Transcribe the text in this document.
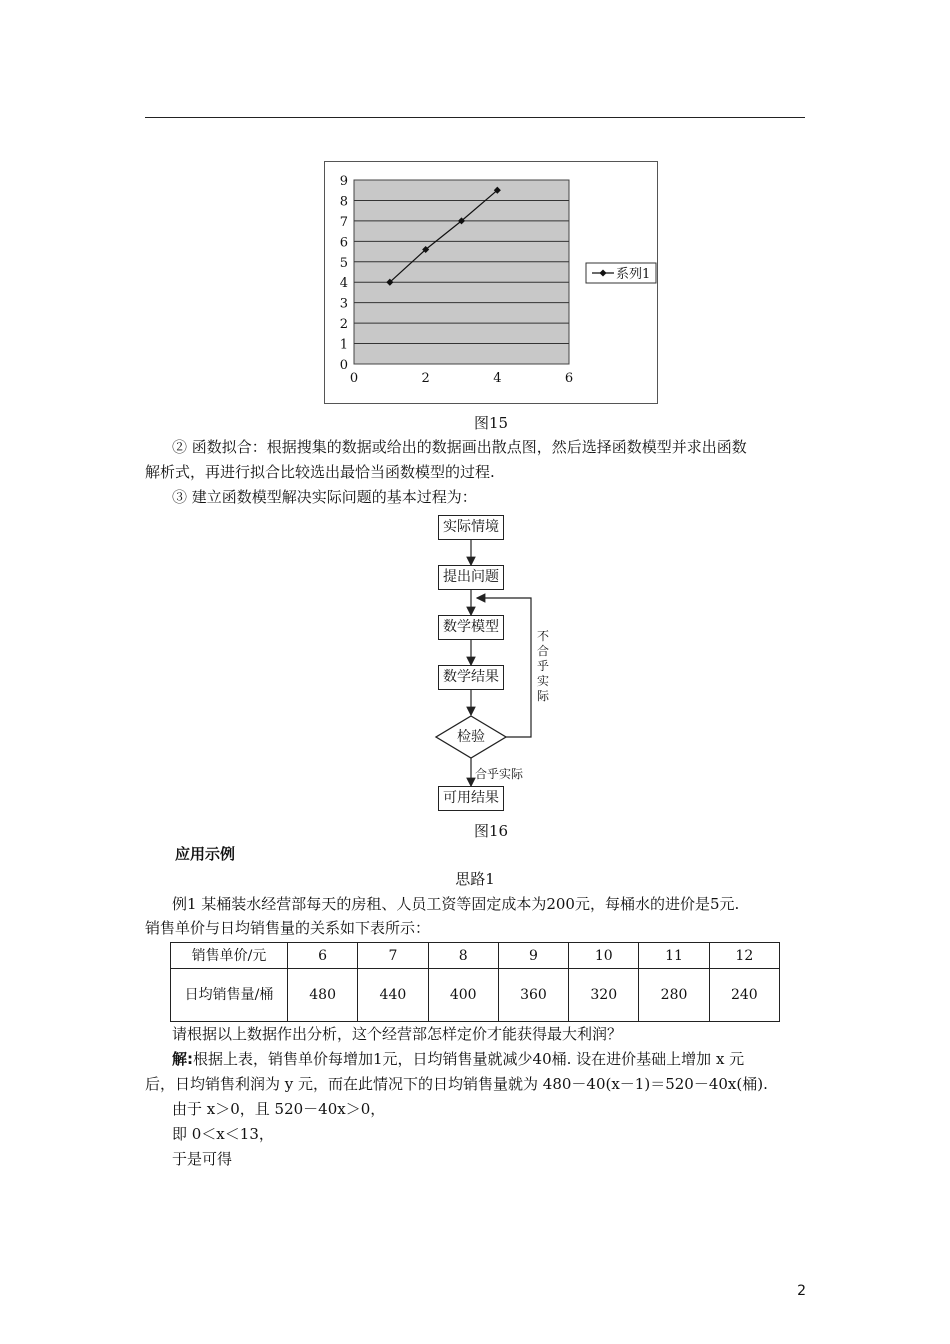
0
1
2
3
4
5
6
7
8
9
0	2	4	6
系列1
图15
② 函数拟合：根据搜集的数据或给出的数据画出散点图，然后选择函数模型并求出函数
解析式，再进行拟合比较选出最恰当函数模型的过程.
③ 建立函数模型解决实际问题的基本过程为：
实际情境
提出问题
数学模型
数学结果
检验
可用结果
不合乎实际
合乎实际
图16
应用示例
思路1
例1 某桶装水经营部每天的房租、人员工资等固定成本为200元，每桶水的进价是5元.
销售单价与日均销售量的关系如下表所示：
销售单价/元	6	7	8	9	10	11	12
日均销售量/桶	480	440	400	360	320	280	240
请根据以上数据作出分析，这个经营部怎样定价才能获得最大利润？
解:根据上表，销售单价每增加1元，日均销售量就减少40桶. 设在进价基础上增加 x 元
后，日均销售利润为 y 元，而在此情况下的日均销售量就为 480－40(x－1)＝520－40x(桶).
由于 x＞0，且 520－40x＞0，
即 0＜x＜13，
于是可得
2
